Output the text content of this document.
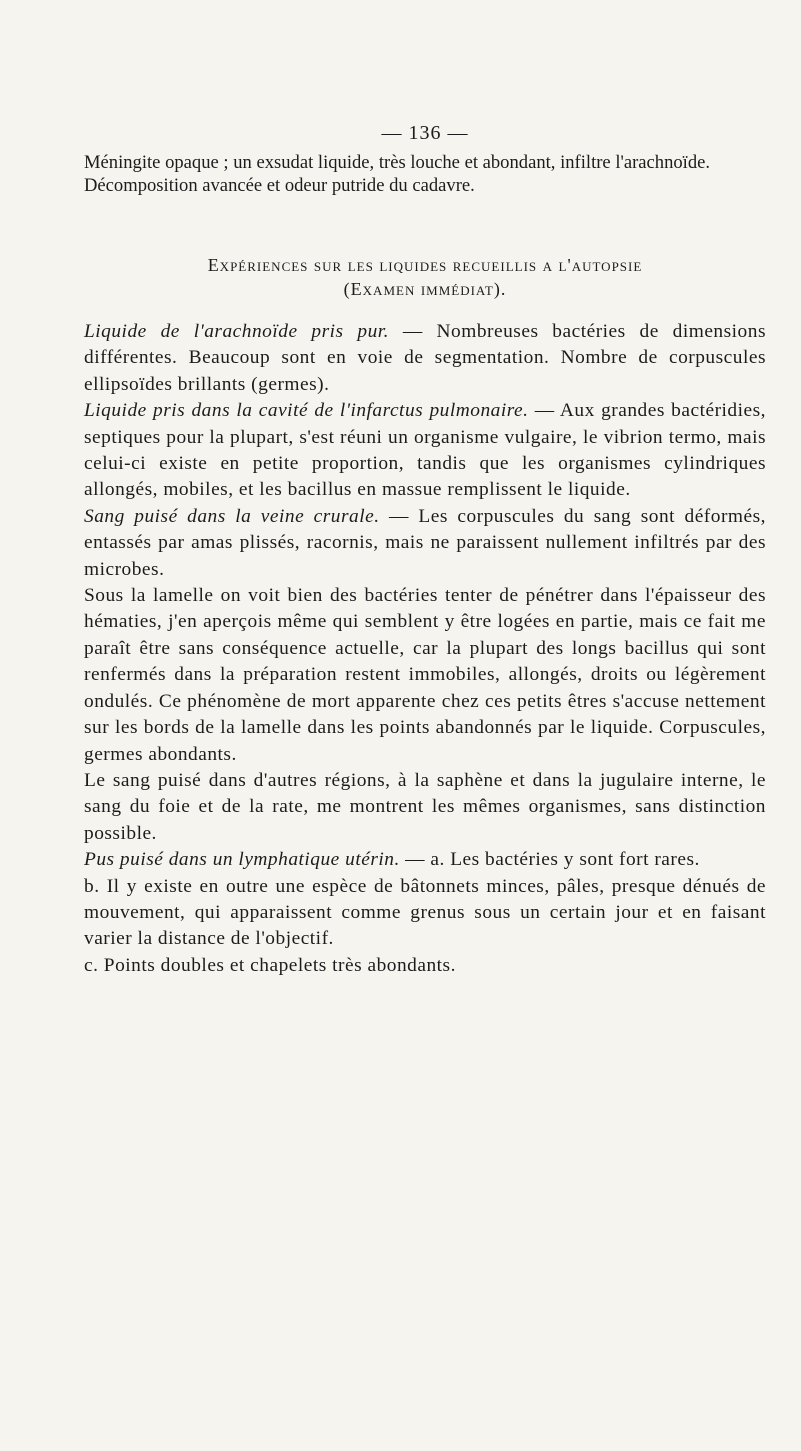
— 136 —

Méningite opaque ; un exsudat liquide, très louche et abondant, infiltre l'arachnoïde.

Décomposition avancée et odeur putride du cadavre.

Expériences sur les liquides recueillis a l'autopsie
(Examen immédiat).

Liquide de l'arachnoïde pris pur. — Nombreuses bactéries de dimensions différentes. Beaucoup sont en voie de segmentation. Nombre de corpuscules ellipsoïdes brillants (germes).

Liquide pris dans la cavité de l'infarctus pulmonaire. — Aux grandes bactéridies, septiques pour la plupart, s'est réuni un organisme vulgaire, le vibrion termo, mais celui-ci existe en petite proportion, tandis que les organismes cylindriques allongés, mobiles, et les bacillus en massue remplissent le liquide.

Sang puisé dans la veine crurale. — Les corpuscules du sang sont déformés, entassés par amas plissés, racornis, mais ne paraissent nullement infiltrés par des microbes.

Sous la lamelle on voit bien des bactéries tenter de pénétrer dans l'épaisseur des hématies, j'en aperçois même qui semblent y être logées en partie, mais ce fait me paraît être sans conséquence actuelle, car la plupart des longs bacillus qui sont renfermés dans la préparation restent immobiles, allongés, droits ou légèrement ondulés. Ce phénomène de mort apparente chez ces petits êtres s'accuse nettement sur les bords de la lamelle dans les points abandonnés par le liquide. Corpuscules, germes abondants.

Le sang puisé dans d'autres régions, à la saphène et dans la jugulaire interne, le sang du foie et de la rate, me montrent les mêmes organismes, sans distinction possible.

Pus puisé dans un lymphatique utérin. — a. Les bactéries y sont fort rares.

b. Il y existe en outre une espèce de bâtonnets minces, pâles, presque dénués de mouvement, qui apparaissent comme grenus sous un certain jour et en faisant varier la distance de l'objectif.

c. Points doubles et chapelets très abondants.
